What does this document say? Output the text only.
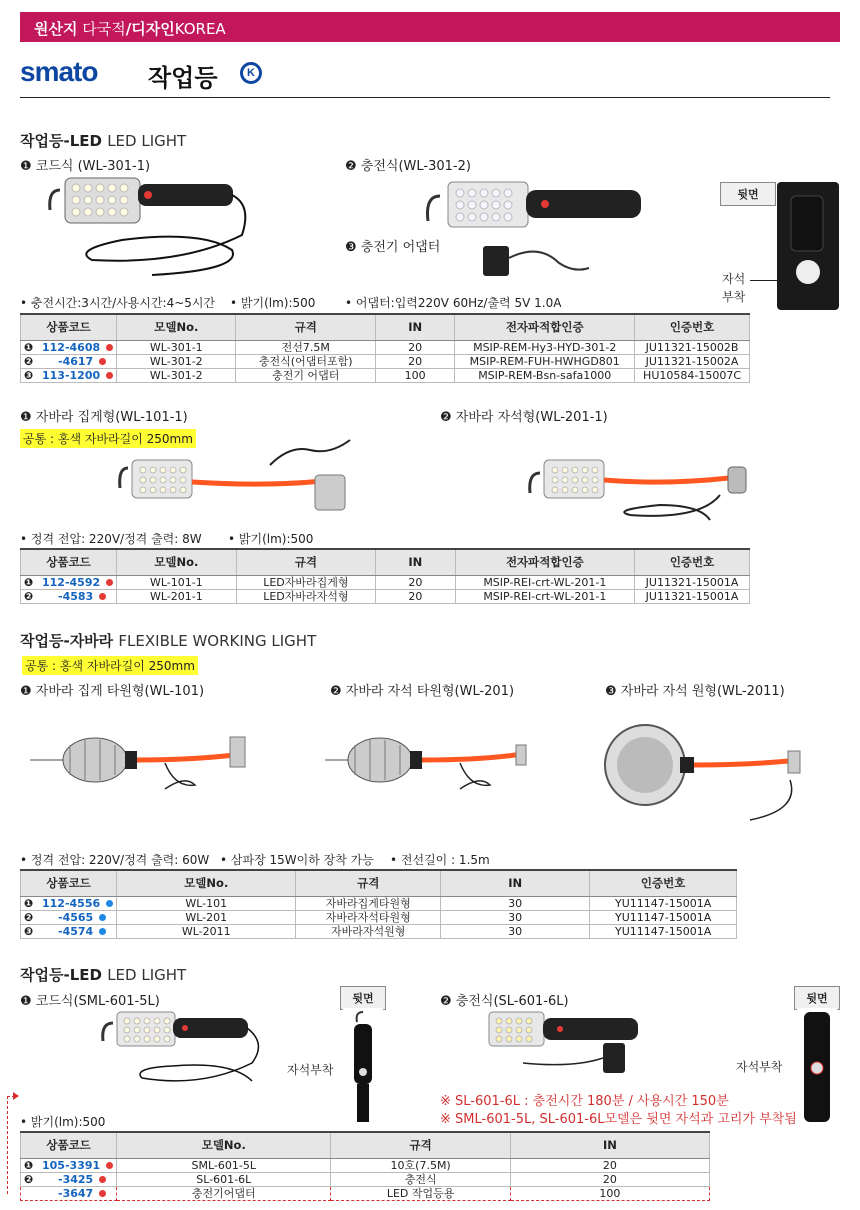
원산지 다국적/디자인KOREA
smato 작업등	K
작업등-LED LED LIGHT
❶ 코드식 (WL-301-1)	❷ 충전식(WL-301-2)
❸ 충전기 어댑터
뒷면
자석
부착
• 충전시간:3시간/사용시간:4~5시간 • 밝기(lm):500 • 어댑터:입력220V 60Hz/출력 5V 1.0A
상품코드	모델No.	규격	IN	전자파적합인증	인증번호
❶ 112-4608	WL-301-1	전선7.5M	20	MSIP-REM-Hy3-HYD-301-2	JU11321-15002B
❷ -4617	WL-301-2	충전식(어댑터포함)	20	MSIP-REM-FUH-HWHGD801	JU11321-15002A
❸ 113-1200	WL-301-2	충전기 어댑터	100	MSIP-REM-Bsn-safa1000	HU10584-15007C
❶ 자바라 집게형(WL-101-1)	❷ 자바라 자석형(WL-201-1)
공통 : 홍색 자바라길이 250mm
• 정격 전압: 220V/정격 출력: 8W • 밝기(lm):500
상품코드	모델No.	규격	IN	전자파적합인증	인증번호
❶ 112-4592	WL-101-1	LED자바라집게형	20	MSIP-REI-crt-WL-201-1	JU11321-15001A
❷ -4583	WL-201-1	LED자바라자석형	20	MSIP-REI-crt-WL-201-1	JU11321-15001A
작업등-자바라 FLEXIBLE WORKING LIGHT
공통 : 홍색 자바라길이 250mm
❶ 자바라 집게 타원형(WL-101)	❷ 자바라 자석 타원형(WL-201)	❸ 자바라 자석 원형(WL-2011)
• 정격 전압: 220V/정격 출력: 60W • 삼파장 15W이하 장착 가능 • 전선길이 : 1.5m
상품코드	모델No.	규격	IN	인증번호
❶ 112-4556	WL-101	자바라집게타원형	30	YU11147-15001A
❷ -4565	WL-201	자바라자석타원형	30	YU11147-15001A
❸ -4574	WL-2011	자바라자석원형	30	YU11147-15001A
작업등-LED LED LIGHT
❶ 코드식(SML-601-5L)	❷ 충전식(SL-601-6L)
뒷면
자석부착
뒷면
자석부착
※ SL-601-6L : 충전시간 180분 / 사용시간 150분
※ SML-601-5L, SL-601-6L모델은 뒷면 자석과 고리가 부착됨
• 밝기(lm):500
상품코드	모델No.	규격	IN
❶ 105-3391	SML-601-5L	10호(7.5M)	20
❷ -3425	SL-601-6L	충전식	20
-3647	충전기어댑터	LED 작업등용	100
